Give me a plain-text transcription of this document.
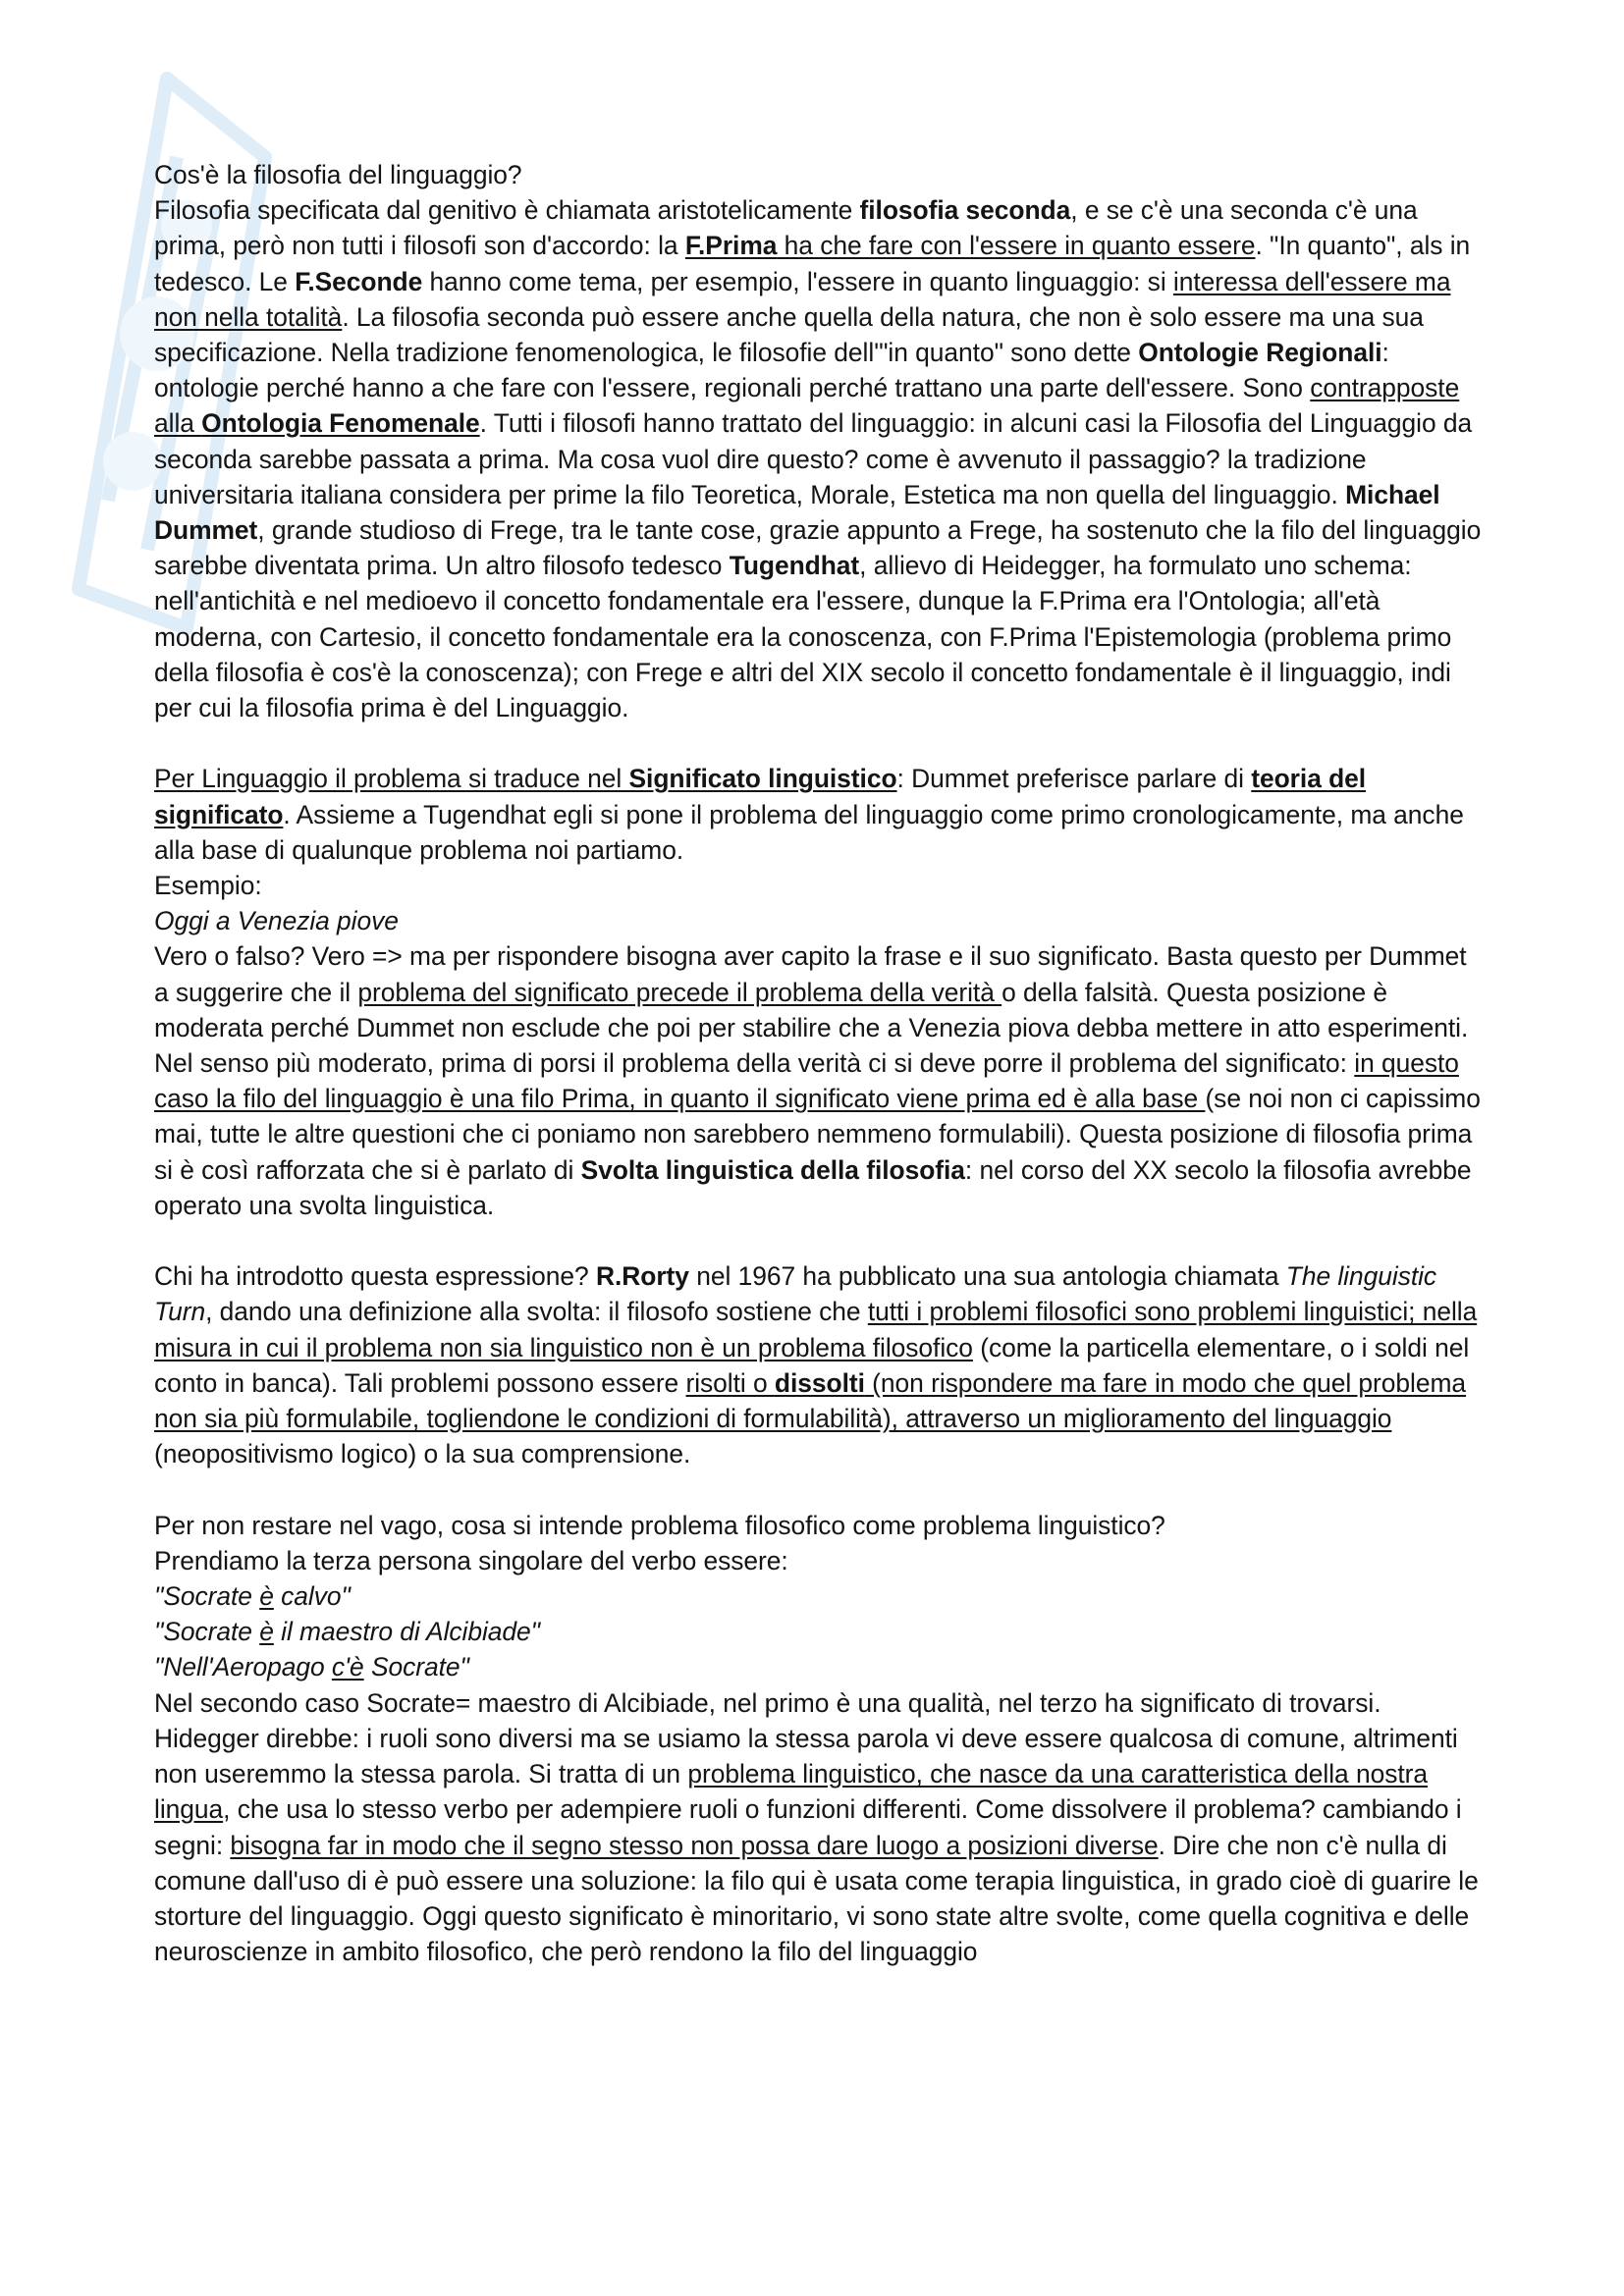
Cos'è la filosofia del linguaggio?

Filosofia specificata dal genitivo è chiamata aristotelicamente filosofia seconda, e se c'è una seconda c'è una prima, però non tutti i filosofi son d'accordo: la F.Prima ha che fare con l'essere in quanto essere. "In quanto", als in tedesco. Le F.Seconde hanno come tema, per esempio, l'essere in quanto linguaggio: si interessa dell'essere ma non nella totalità. La filosofia seconda può essere anche quella della natura, che non è solo essere ma una sua specificazione. Nella tradizione fenomenologica, le filosofie dell'"in quanto" sono dette Ontologie Regionali: ontologie perché hanno a che fare con l'essere, regionali perché trattano una parte dell'essere. Sono contrapposte alla Ontologia Fenomenale. Tutti i filosofi hanno trattato del linguaggio: in alcuni casi la Filosofia del Linguaggio da seconda sarebbe passata a prima. Ma cosa vuol dire questo? come è avvenuto il passaggio? la tradizione universitaria italiana considera per prime la filo Teoretica, Morale, Estetica ma non quella del linguaggio. Michael Dummet, grande studioso di Frege, tra le tante cose, grazie appunto a Frege, ha sostenuto che la filo del linguaggio sarebbe diventata prima. Un altro filosofo tedesco Tugendhat, allievo di Heidegger, ha formulato uno schema: nell'antichità e nel medioevo il concetto fondamentale era l'essere, dunque la F.Prima era l'Ontologia; all'età moderna, con Cartesio, il concetto fondamentale era la conoscenza, con F.Prima l'Epistemologia (problema primo della filosofia è cos'è la conoscenza); con Frege e altri del XIX secolo il concetto fondamentale è il linguaggio, indi per cui la filosofia prima è del Linguaggio.

Per Linguaggio il problema si traduce nel Significato linguistico: Dummet preferisce parlare di teoria del significato. Assieme a Tugendhat egli si pone il problema del linguaggio come primo cronologicamente, ma anche alla base di qualunque problema noi partiamo.

Esempio:

Oggi a Venezia piove

Vero o falso? Vero => ma per rispondere bisogna aver capito la frase e il suo significato. Basta questo per Dummet a suggerire che il problema del significato precede il problema della verità o della falsità. Questa posizione è moderata perché Dummet non esclude che poi per stabilire che a Venezia piova debba mettere in atto esperimenti. Nel senso più moderato, prima di porsi il problema della verità ci si deve porre il problema del significato: in questo caso la filo del linguaggio è una filo Prima, in quanto il significato viene prima ed è alla base (se noi non ci capissimo mai, tutte le altre questioni che ci poniamo non sarebbero nemmeno formulabili). Questa posizione di filosofia prima si è così rafforzata che si è parlato di Svolta linguistica della filosofia: nel corso del XX secolo la filosofia avrebbe operato una svolta linguistica.

Chi ha introdotto questa espressione? R.Rorty nel 1967 ha pubblicato una sua antologia chiamata The linguistic Turn, dando una definizione alla svolta: il filosofo sostiene che tutti i problemi filosofici sono problemi linguistici; nella misura in cui il problema non sia linguistico non è un problema filosofico (come la particella elementare, o i soldi nel conto in banca). Tali problemi possono essere risolti o dissolti (non rispondere ma fare in modo che quel problema non sia più formulabile, togliendone le condizioni di formulabilità), attraverso un miglioramento del linguaggio (neopositivismo logico) o la sua comprensione.

Per non restare nel vago, cosa si intende problema filosofico come problema linguistico?

Prendiamo la terza persona singolare del verbo essere:

"Socrate è calvo"

"Socrate è il maestro di Alcibiade"

"Nell'Aeropago c'è Socrate"

Nel secondo caso Socrate= maestro di Alcibiade, nel primo è una qualità, nel terzo ha significato di trovarsi. Hidegger direbbe: i ruoli sono diversi ma se usiamo la stessa parola vi deve essere qualcosa di comune, altrimenti non useremmo la stessa parola. Si tratta di un problema linguistico, che nasce da una caratteristica della nostra lingua, che usa lo stesso verbo per adempiere ruoli o funzioni differenti. Come dissolvere il problema? cambiando i segni: bisogna far in modo che il segno stesso non possa dare luogo a posizioni diverse. Dire che non c'è nulla di comune dall'uso di è può essere una soluzione: la filo qui è usata come terapia linguistica, in grado cioè di guarire le storture del linguaggio. Oggi questo significato è minoritario, vi sono state altre svolte, come quella cognitiva e delle neuroscienze in ambito filosofico, che però rendono la filo del linguaggio
